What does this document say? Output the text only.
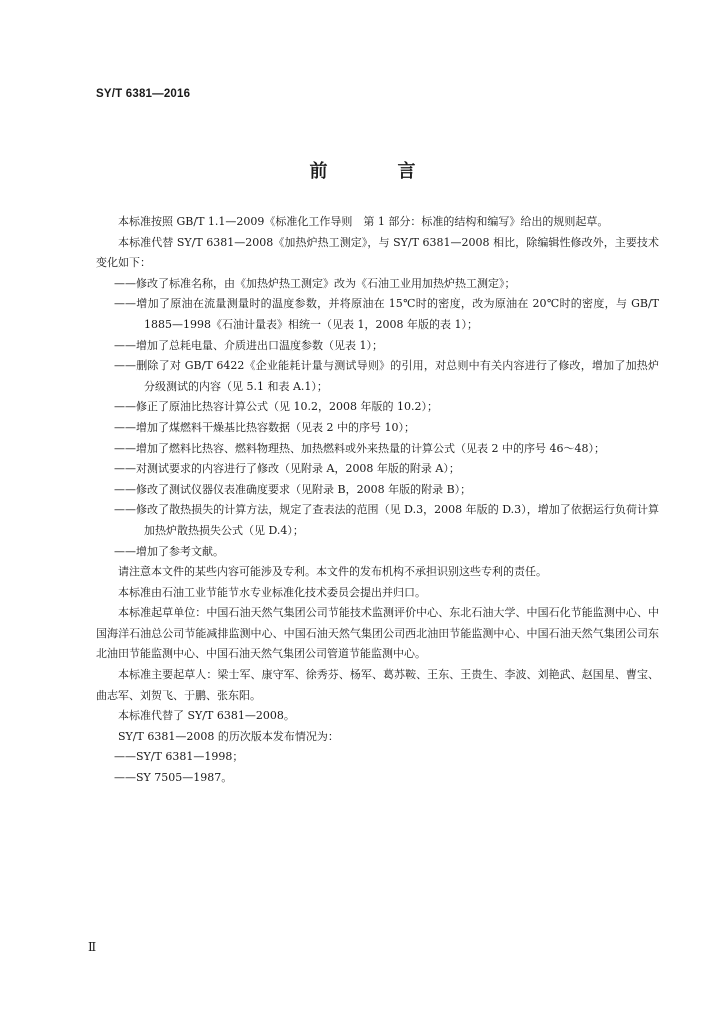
SY/T 6381—2016
前　言

本标准按照 GB/T 1.1—2009《标准化工作导则　第 1 部分：标准的结构和编写》给出的规则起草。

本标准代替 SY/T 6381—2008《加热炉热工测定》，与 SY/T 6381—2008 相比，除编辑性修改外，主要技术变化如下：

——修改了标准名称，由《加热炉热工测定》改为《石油工业用加热炉热工测定》；

——增加了原油在流量测量时的温度参数，并将原油在 15℃时的密度，改为原油在 20℃时的密度，与 GB/T 1885—1998《石油计量表》相统一（见表 1，2008 年版的表 1）；

——增加了总耗电量、介质进出口温度参数（见表 1）；

——删除了对 GB/T 6422《企业能耗计量与测试导则》的引用，对总则中有关内容进行了修改，增加了加热炉分级测试的内容（见 5.1 和表 A.1）；

——修正了原油比热容计算公式（见 10.2，2008 年版的 10.2）；

——增加了煤燃料干燥基比热容数据（见表 2 中的序号 10）；

——增加了燃料比热容、燃料物理热、加热燃料或外来热量的计算公式（见表 2 中的序号 46～48）；

——对测试要求的内容进行了修改（见附录 A，2008 年版的附录 A）；

——修改了测试仪器仪表准确度要求（见附录 B，2008 年版的附录 B）；

——修改了散热损失的计算方法，规定了查表法的范围（见 D.3，2008 年版的 D.3），增加了依据运行负荷计算加热炉散热损失公式（见 D.4）；

——增加了参考文献。

请注意本文件的某些内容可能涉及专利。本文件的发布机构不承担识别这些专利的责任。

本标准由石油工业节能节水专业标准化技术委员会提出并归口。

本标准起草单位：中国石油天然气集团公司节能技术监测评价中心、东北石油大学、中国石化节能监测中心、中国海洋石油总公司节能减排监测中心、中国石油天然气集团公司西北油田节能监测中心、中国石油天然气集团公司东北油田节能监测中心、中国石油天然气集团公司管道节能监测中心。

本标准主要起草人：梁士军、康守军、徐秀芬、杨军、葛苏鞍、王东、王贵生、李波、刘艳武、赵国星、曹宝、曲志军、刘贺飞、于鹏、张东阳。

本标准代替了 SY/T 6381—2008。

SY/T 6381—2008 的历次版本发布情况为：

——SY/T 6381—1998；

——SY 7505—1987。

Ⅱ
